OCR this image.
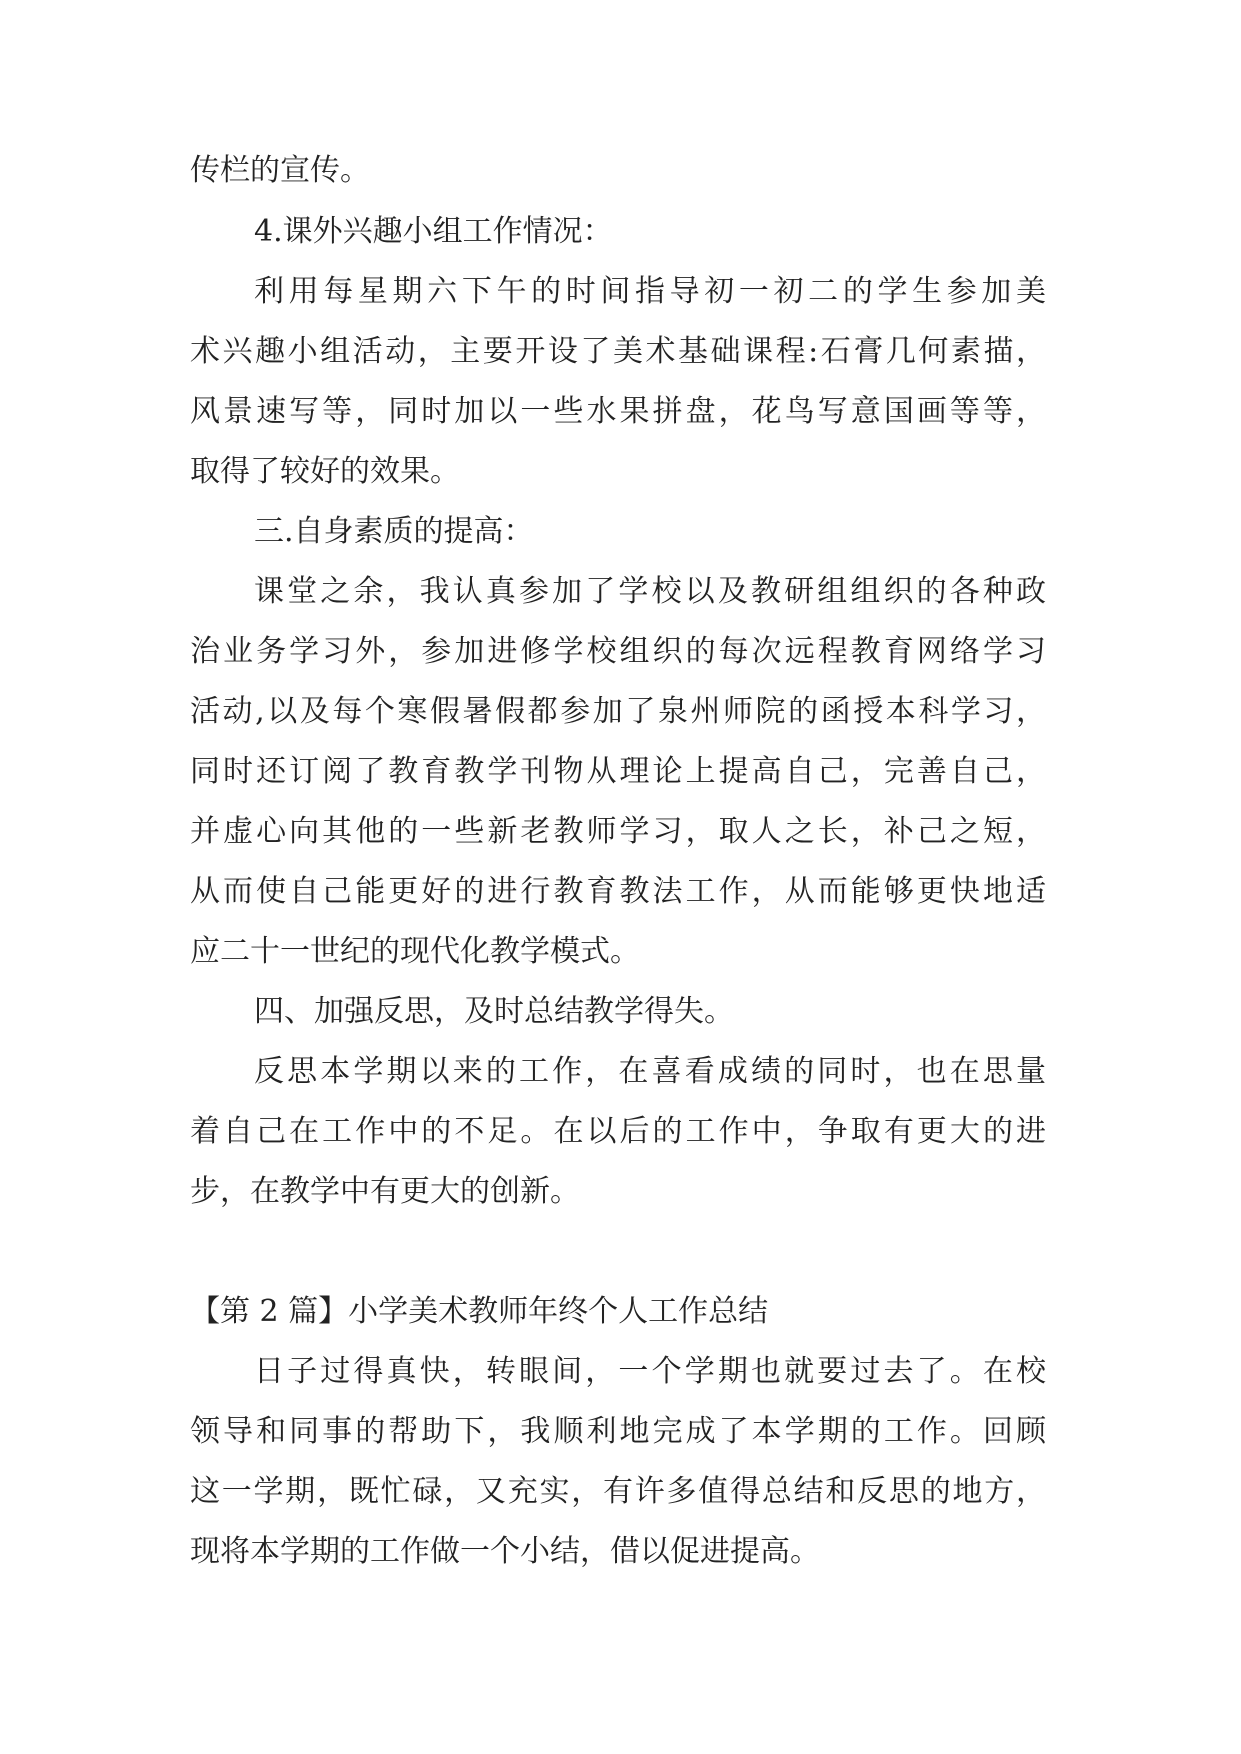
传栏的宣传。

4.课外兴趣小组工作情况：

利用每星期六下午的时间指导初一初二的学生参加美

术兴趣小组活动，主要开设了美术基础课程:石膏几何素描，

风景速写等，同时加以一些水果拼盘，花鸟写意国画等等，

取得了较好的效果。

三.自身素质的提高：

课堂之余，我认真参加了学校以及教研组组织的各种政

治业务学习外，参加进修学校组织的每次远程教育网络学习

活动,以及每个寒假暑假都参加了泉州师院的函授本科学习，

同时还订阅了教育教学刊物从理论上提高自己，完善自己，

并虚心向其他的一些新老教师学习，取人之长，补己之短，

从而使自己能更好的进行教育教法工作，从而能够更快地适

应二十一世纪的现代化教学模式。

四、加强反思，及时总结教学得失。

反思本学期以来的工作，在喜看成绩的同时，也在思量

着自己在工作中的不足。在以后的工作中，争取有更大的进

步，在教学中有更大的创新。

【第 2 篇】小学美术教师年终个人工作总结

日子过得真快，转眼间，一个学期也就要过去了。在校

领导和同事的帮助下，我顺利地完成了本学期的工作。回顾

这一学期，既忙碌，又充实，有许多值得总结和反思的地方，

现将本学期的工作做一个小结，借以促进提高。
